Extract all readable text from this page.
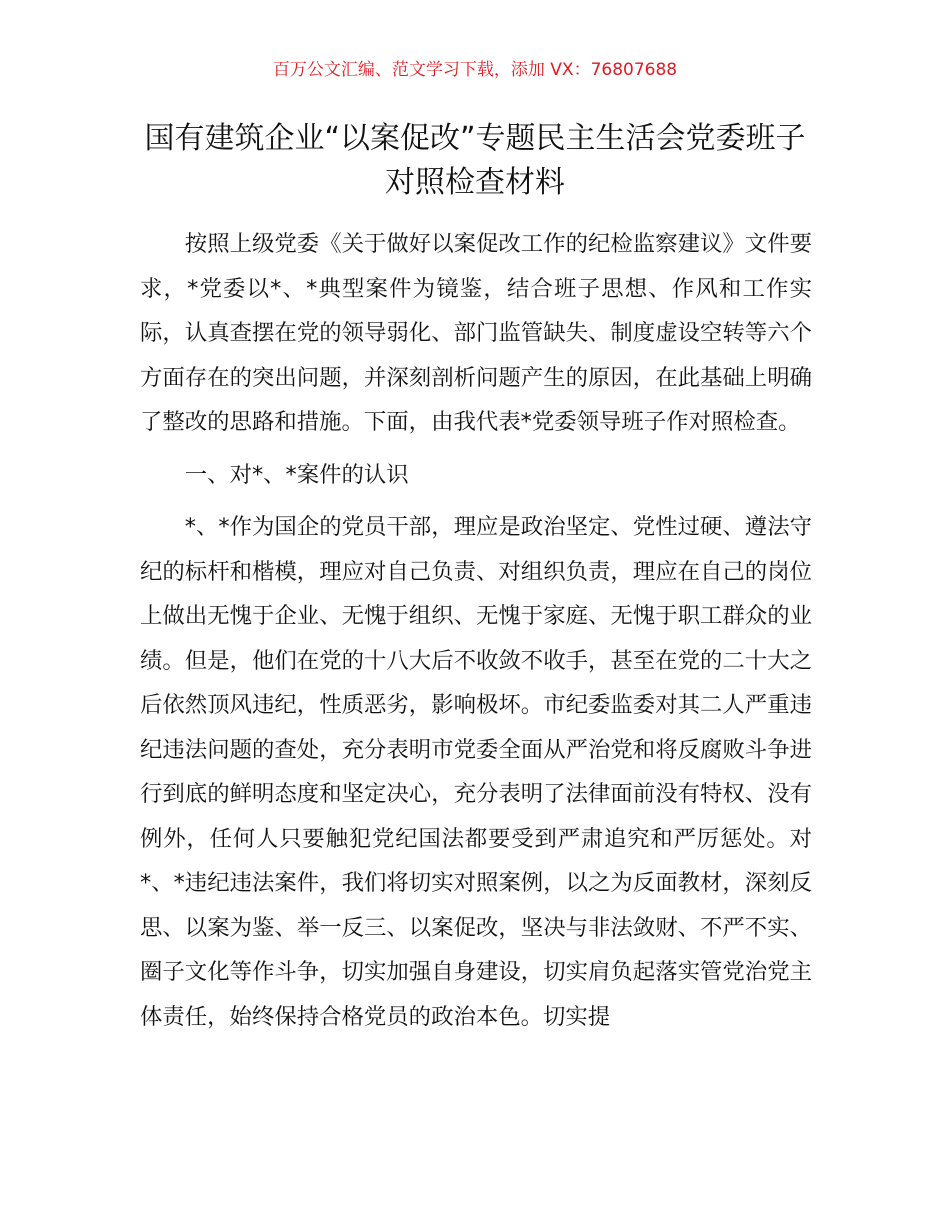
百万公文汇编、范文学习下载，添加 VX：76807688
国有建筑企业“以案促改”专题民主生活会党委班子对照检查材料

按照上级党委《关于做好以案促改工作的纪检监察建议》文件要求，*党委以*、*典型案件为镜鉴，结合班子思想、作风和工作实际，认真查摆在党的领导弱化、部门监管缺失、制度虚设空转等六个方面存在的突出问题，并深刻剖析问题产生的原因，在此基础上明确了整改的思路和措施。下面，由我代表*党委领导班子作对照检查。

一、对*、*案件的认识

*、*作为国企的党员干部，理应是政治坚定、党性过硬、遵法守纪的标杆和楷模，理应对自己负责、对组织负责，理应在自己的岗位上做出无愧于企业、无愧于组织、无愧于家庭、无愧于职工群众的业绩。但是，他们在党的十八大后不收敛不收手，甚至在党的二十大之后依然顶风违纪，性质恶劣，影响极坏。市纪委监委对其二人严重违纪违法问题的查处，充分表明市党委全面从严治党和将反腐败斗争进行到底的鲜明态度和坚定决心，充分表明了法律面前没有特权、没有例外，任何人只要触犯党纪国法都要受到严肃追究和严厉惩处。对*、*违纪违法案件，我们将切实对照案例，以之为反面教材，深刻反思、以案为鉴、举一反三、以案促改，坚决与非法敛财、不严不实、圈子文化等作斗争，切实加强自身建设，切实肩负起落实管党治党主体责任，始终保持合格党员的政治本色。切实提
